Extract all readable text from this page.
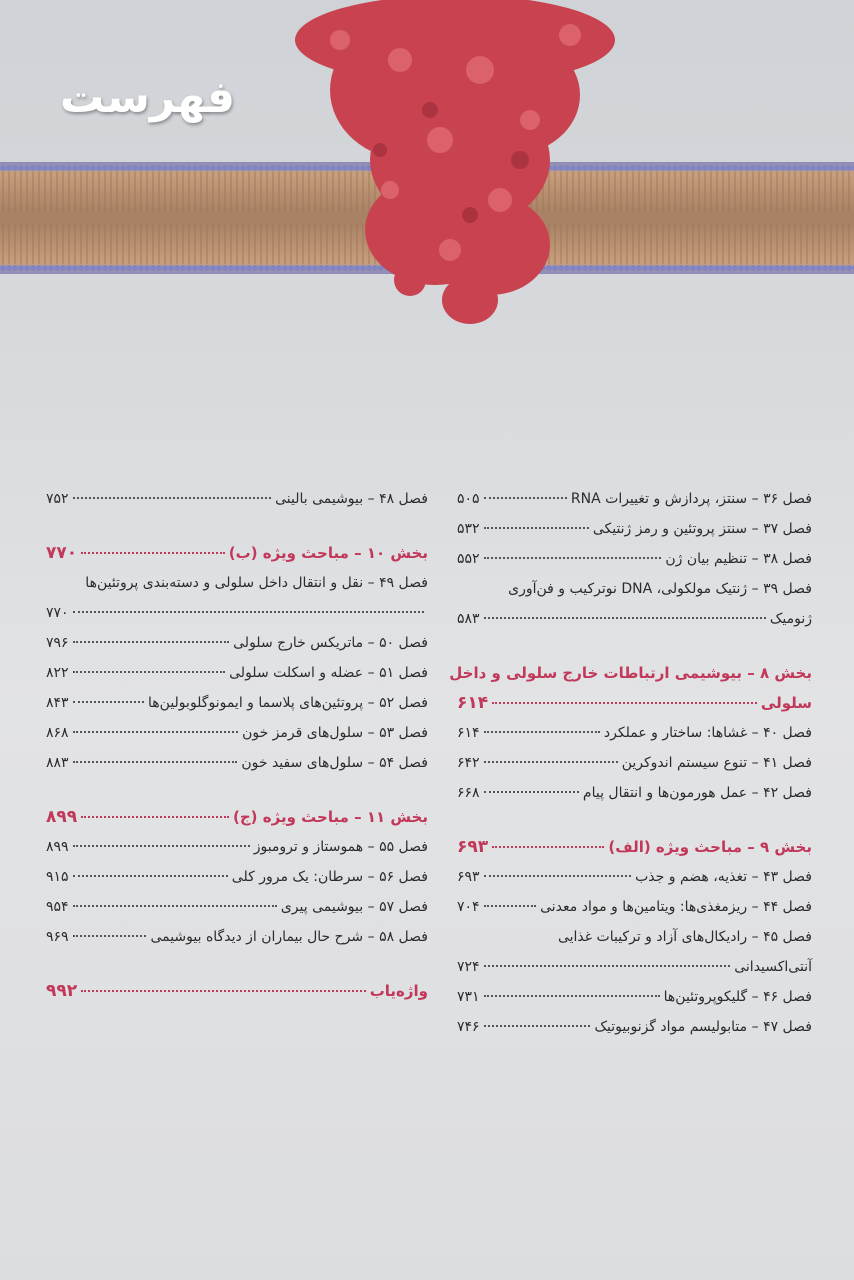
فهرست
فصل ۳۶ – سنتز، پردازش و تغییرات RNA
۵۰۵
فصل ۳۷ – سنتز پروتئین و رمز ژنتیکی
۵۳۲
فصل ۳۸ – تنظیم بیان ژن
۵۵۲
فصل ۳۹ – ژنتیک مولکولی، DNA نوترکیب و فن‌آوری
ژنومیک
۵۸۳
بخش ۸ – بیوشیمی ارتباطات خارج سلولی و داخل
سلولی
۶۱۴
فصل ۴۰ – غشاها: ساختار و عملکرد
۶۱۴
فصل ۴۱ – تنوع سیستم اندوکرین
۶۴۲
فصل ۴۲ – عمل هورمون‌ها و انتقال پیام
۶۶۸
بخش ۹ – مباحث ویژه (الف)
۶۹۳
فصل ۴۳ – تغذیه، هضم و جذب
۶۹۳
فصل ۴۴ – ریزمغذی‌ها: ویتامین‌ها و مواد معدنی
۷۰۴
فصل ۴۵ – رادیکال‌های آزاد و ترکیبات غذایی
آنتی‌اکسیدانی
۷۲۴
فصل ۴۶ – گلیکوپروتئین‌ها
۷۳۱
فصل ۴۷ – متابولیسم مواد گزنوبیوتیک
۷۴۶
فصل ۴۸ – بیوشیمی بالینی
۷۵۲
بخش ۱۰ – مباحث ویژه (ب)
۷۷۰
فصل ۴۹ – نقل و انتقال داخل سلولی و دسته‌بندی پروتئین‌ها
۷۷۰
فصل ۵۰ – ماتریکس خارج سلولی
۷۹۶
فصل ۵۱ – عضله و اسکلت سلولی
۸۲۲
فصل ۵۲ – پروتئین‌های پلاسما و ایمونوگلوبولین‌ها
۸۴۳
فصل ۵۳ – سلول‌های قرمز خون
۸۶۸
فصل ۵۴ – سلول‌های سفید خون
۸۸۳
بخش ۱۱ – مباحث ویژه (ج)
۸۹۹
فصل ۵۵ – هموستاز و ترومبوز
۸۹۹
فصل ۵۶ – سرطان: یک مرور کلی
۹۱۵
فصل ۵۷ – بیوشیمی پیری
۹۵۴
فصل ۵۸ – شرح حال بیماران از دیدگاه بیوشیمی
۹۶۹
واژه‌یاب
۹۹۲
